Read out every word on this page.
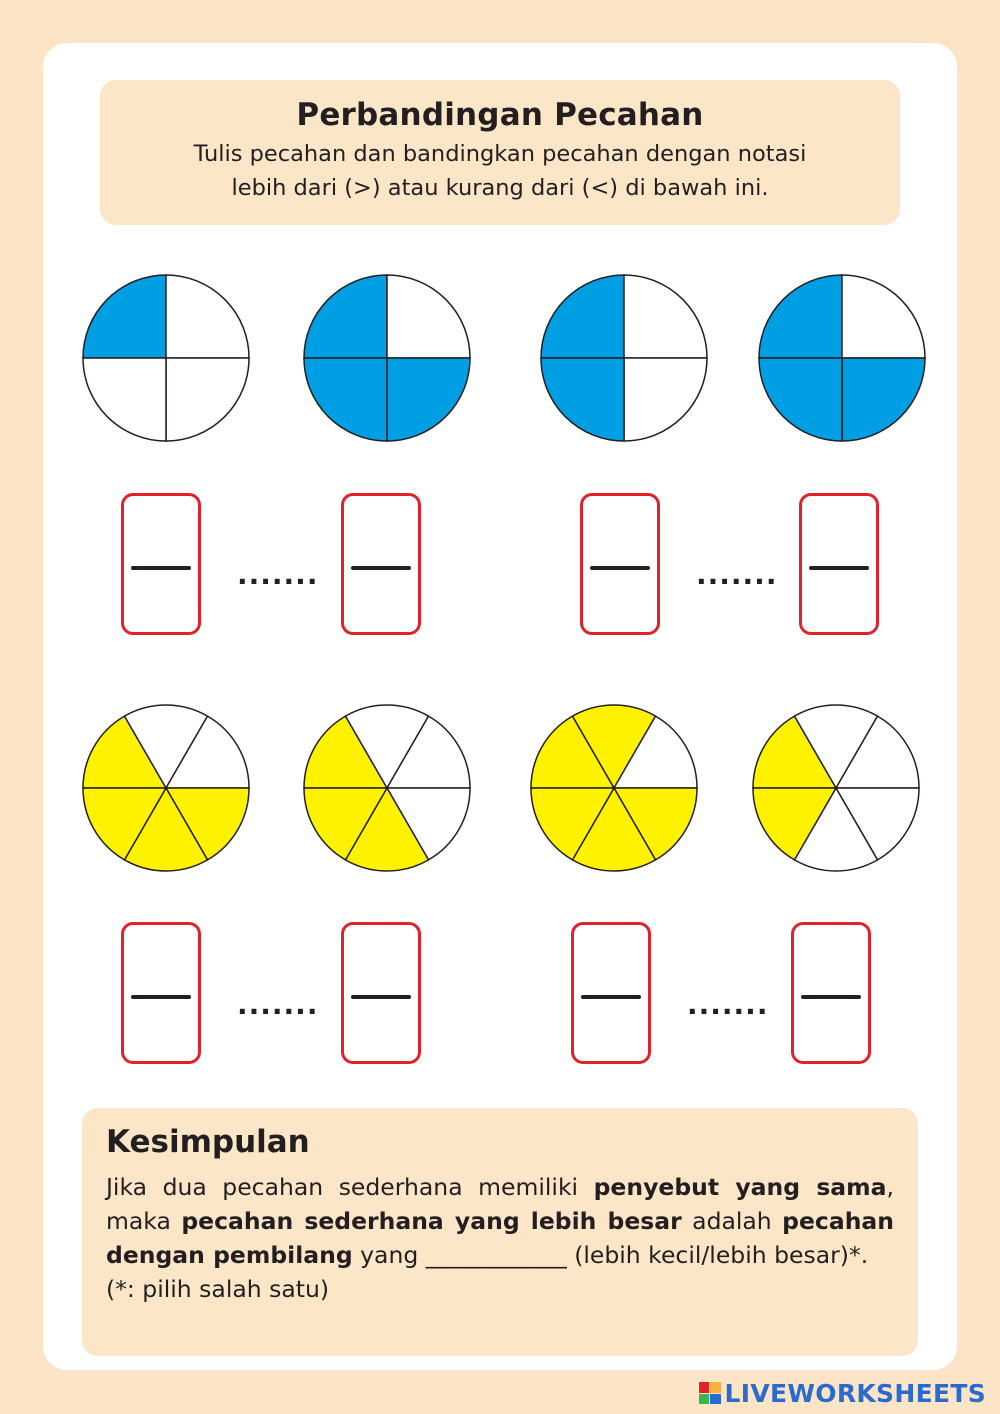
Perbandingan Pecahan
Tulis pecahan dan bandingkan pecahan dengan notasi
lebih dari (>) atau kurang dari (<) di bawah ini.
.......	.......
.......	.......
Kesimpulan
Jika dua pecahan sederhana memiliki penyebut yang sama, maka pecahan sederhana yang lebih besar adalah pecahan dengan pembilang yang ____________ (lebih kecil/lebih besar)*.
(*: pilih salah satu)
LIVEWORKSHEETS
